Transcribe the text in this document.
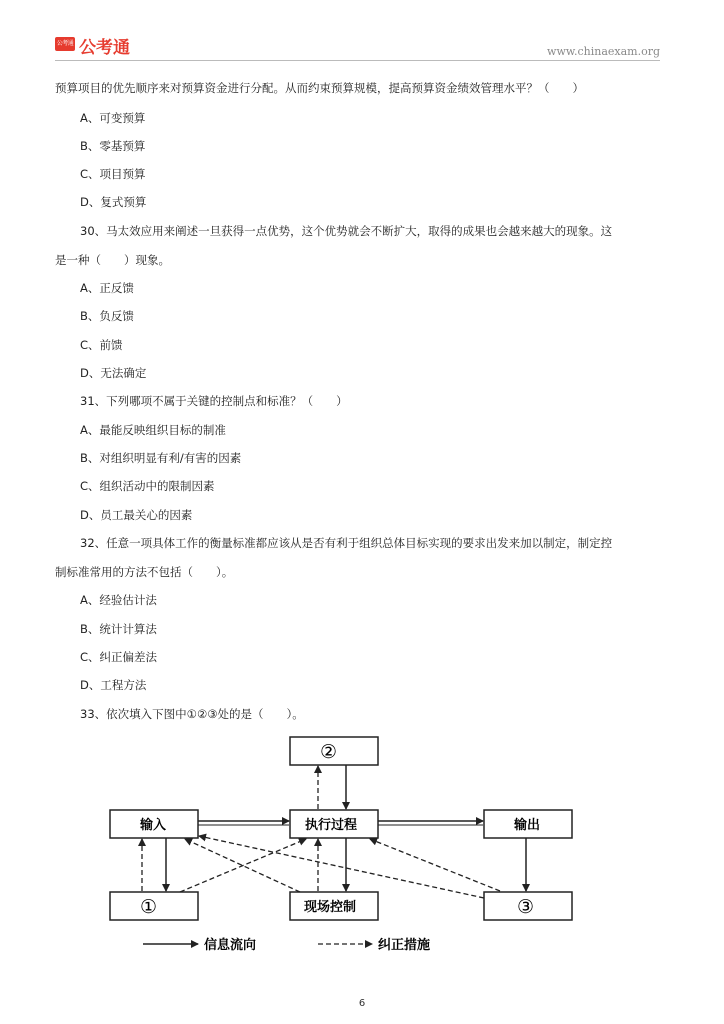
公考通 公考通	www.chinaexam.org
预算项目的优先顺序来对预算资金进行分配。从而约束预算规模，提高预算资金绩效管理水平？（　　）
A、可变预算
B、零基预算
C、项目预算
D、复式预算
30、马太效应用来阐述一旦获得一点优势，这个优势就会不断扩大，取得的成果也会越来越大的现象。这
是一种（　　）现象。
A、正反馈
B、负反馈
C、前馈
D、无法确定
31、下列哪项不属于关键的控制点和标准？（　　）
A、最能反映组织目标的制准
B、对组织明显有利/有害的因素
C、组织活动中的限制因素
D、员工最关心的因素
32、任意一项具体工作的衡量标准都应该从是否有利于组织总体目标实现的要求出发来加以制定，制定控
制标准常用的方法不包括（　　）。
A、经验估计法
B、统计计算法
C、纠正偏差法
D、工程方法
33、依次填入下图中①②③处的是（　　）。
②
输入	执行过程	输出
①	现场控制	③
信息流向	纠正措施
6
